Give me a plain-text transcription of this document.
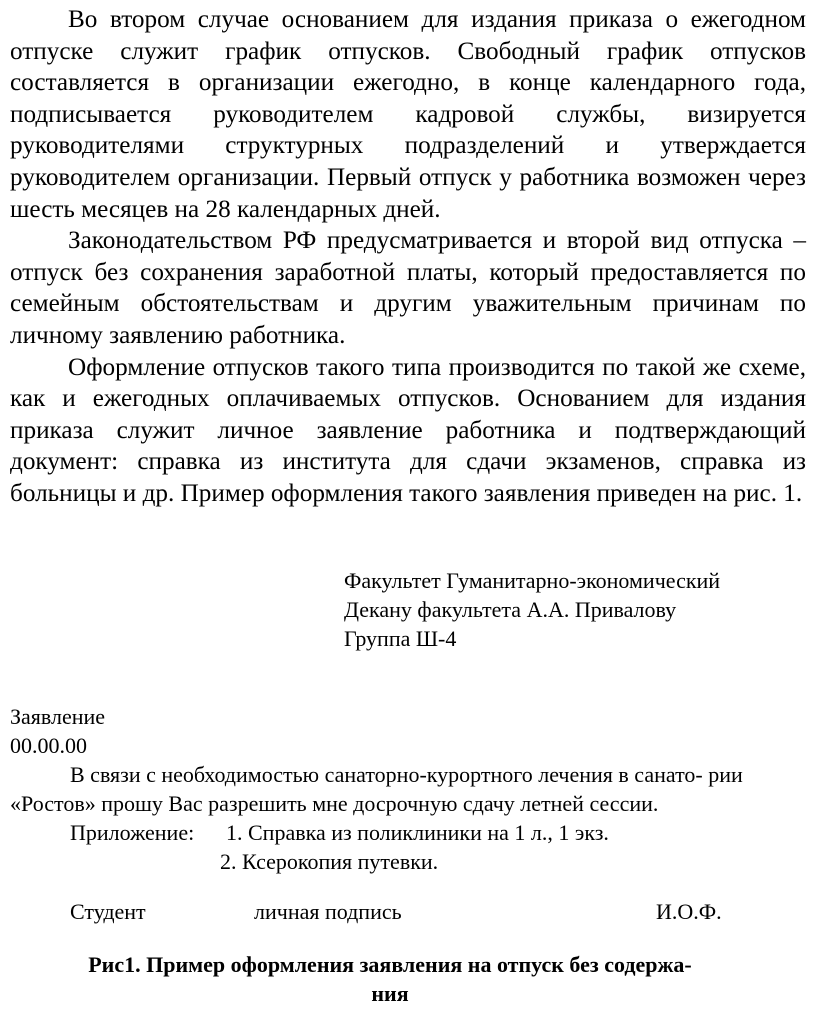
Во втором случае основанием для издания приказа о ежегодном отпуске служит график отпусков. Свободный график отпусков составляется в организации ежегодно, в конце календарного года, подписывается руководителем кадровой службы, визируется руководителями структурных подразделений и утверждается руководителем организации. Первый отпуск у работника возможен через шесть месяцев на 28 календарных дней.

Законодательством РФ предусматривается и второй вид отпуска – отпуск без сохранения заработной платы, который предоставляется по семейным обстоятельствам и другим уважительным причинам по личному заявлению работника.

Оформление отпусков такого типа производится по такой же схеме, как и ежегодных оплачиваемых отпусков. Основанием для издания приказа служит личное заявление работника и подтверждающий документ: справка из института для сдачи экзаменов, справка из больницы и др. Пример оформления такого заявления приведен на рис. 1.

Факультет Гуманитарно-экономический
Декану факультета А.А. Привалову
Группа Ш-4
Заявление
00.00.00
В связи с необходимостью санаторно-курортного лечения в санато- рии
«Ростов» прошу Вас разрешить мне досрочную сдачу летней сессии.
Приложение: 1. Справка из поликлиники на 1 л., 1 экз.
2. Ксерокопия путевки.
Студент	личная подпись	И.О.Ф.
Рис1. Пример оформления заявления на отпуск без содержа-
ния
